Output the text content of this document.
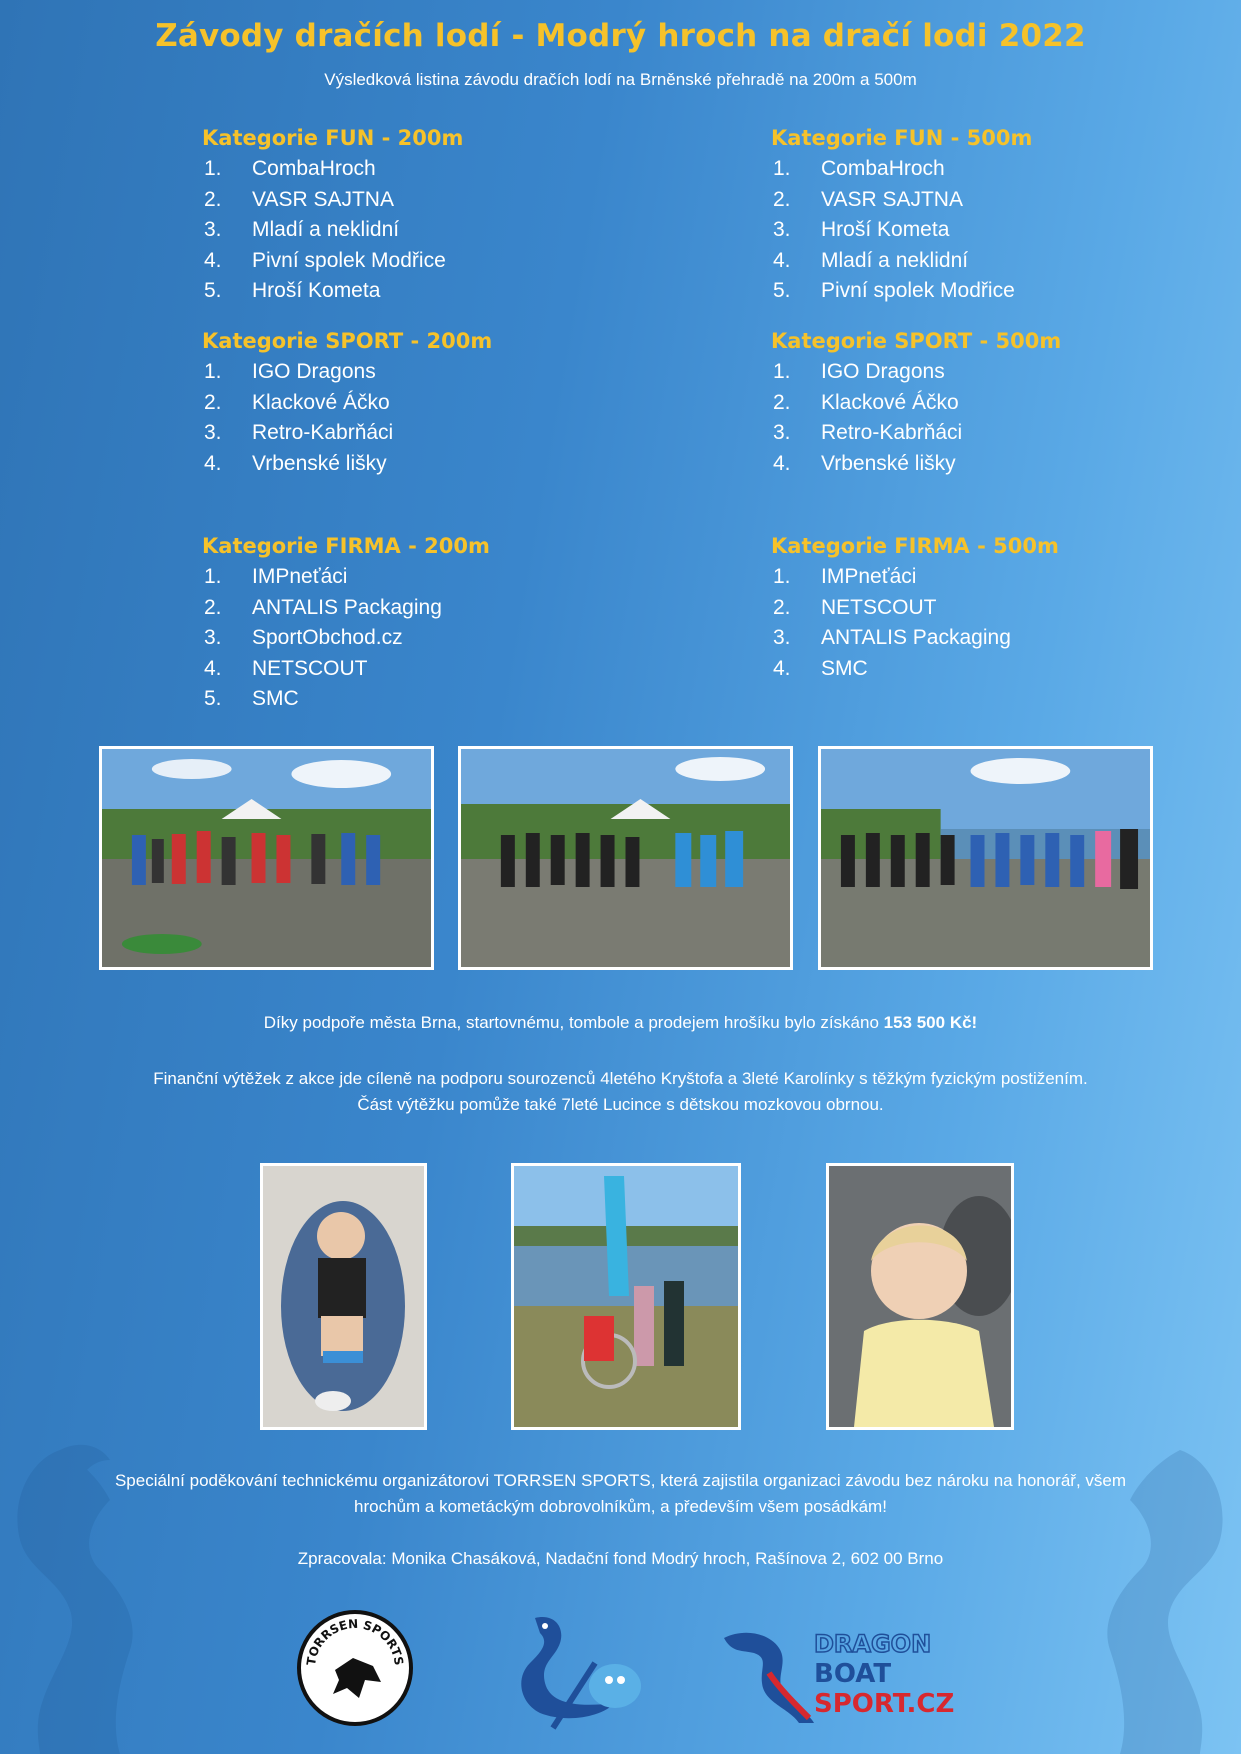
Závody dračích lodí - Modrý hroch na dračí lodi 2022
Výsledková listina závodu dračích lodí na Brněnské přehradě na 200m a 500m
Kategorie FUN - 200m
1.	CombaHroch
2.	VASR SAJTNA
3.	Mladí a neklidní
4.	Pivní spolek Modřice
5.	Hroší Kometa
Kategorie FUN - 500m
1.	CombaHroch
2.	VASR SAJTNA
3.	Hroší Kometa
4.	Mladí a neklidní
5.	Pivní spolek Modřice
Kategorie SPORT - 200m
1.	IGO Dragons
2.	Klackové Áčko
3.	Retro-Kabrňáci
4.	Vrbenské lišky
Kategorie SPORT - 500m
1.	IGO Dragons
2.	Klackové Áčko
3.	Retro-Kabrňáci
4.	Vrbenské lišky
Kategorie FIRMA - 200m
1.	IMPneťáci
2.	ANTALIS Packaging
3.	SportObchod.cz
4.	NETSCOUT
5.	SMC
Kategorie FIRMA - 500m
1.	IMPneťáci
2.	NETSCOUT
3.	ANTALIS Packaging
4.	SMC
Díky podpoře města Brna, startovnému, tombole a prodejem hrošíku bylo získáno 153 500 Kč!
Finanční výtěžek z akce jde cíleně na podporu sourozenců 4letého Kryštofa a 3leté Karolínky s těžkým fyzickým postižením.
Část výtěžku pomůže také 7leté Lucince s dětskou mozkovou obrnou.
Speciální poděkování technickému organizátorovi TORRSEN SPORTS, která zajistila organizaci závodu bez nároku na honorář, všem
hrochům a kometáckým dobrovolníkům, a především všem posádkám!
Zpracovala: Monika Chasáková, Nadační fond Modrý hroch, Rašínova 2, 602 00 Brno
TORRSEN SPORTS
DRAGON
BOAT
SPORT.CZ
